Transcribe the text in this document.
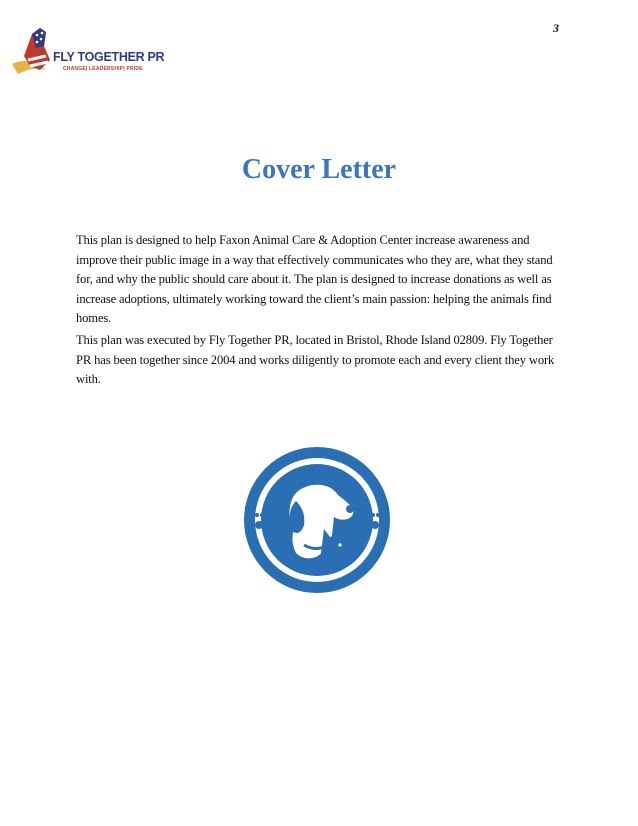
3
FLY TOGETHER PR
CHANGE| LEADERSHIP| PRIDE
Cover Letter
This plan is designed to help Faxon Animal Care & Adoption Center increase awareness and improve their public image in a way that effectively communicates who they are, what they stand for, and why the public should care about it. The plan is designed to increase donations as well as increase adoptions, ultimately working toward the client’s main passion: helping the animals find homes.
This plan was executed by Fly Together PR, located in Bristol, Rhode Island 02809. Fly Together PR has been together since 2004 and works diligently to promote each and every client they work with.
